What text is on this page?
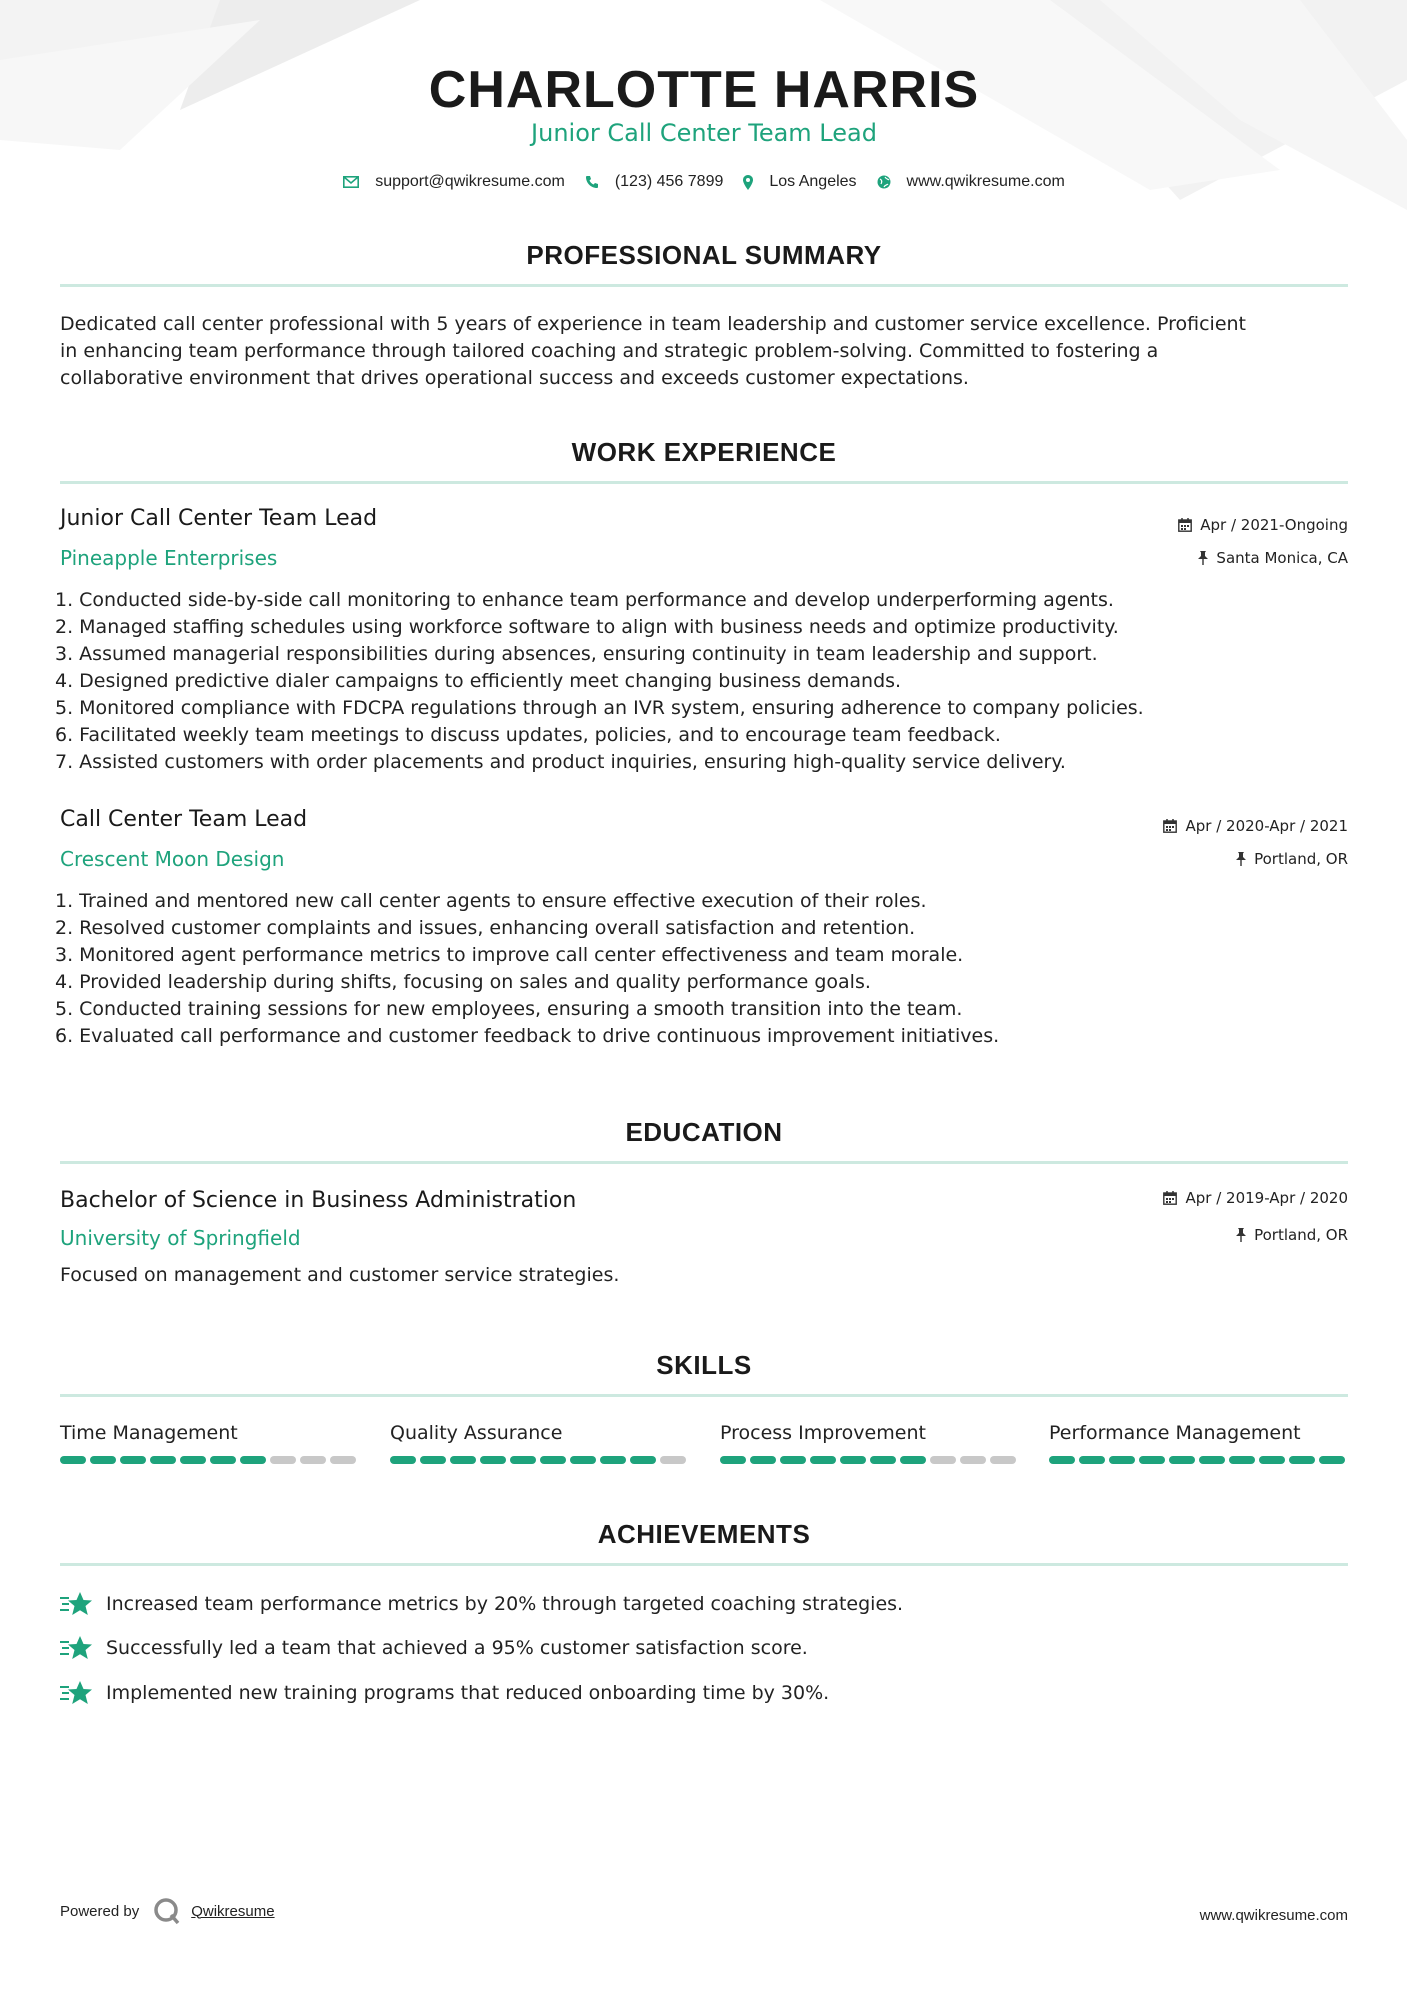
CHARLOTTE HARRIS
Junior Call Center Team Lead
support@qwikresume.com	(123) 456 7899	Los Angeles	www.qwikresume.com
PROFESSIONAL SUMMARY
Dedicated call center professional with 5 years of experience in team leadership and customer service excellence. Proficient
in enhancing team performance through tailored coaching and strategic problem-solving. Committed to fostering a
collaborative environment that drives operational success and exceeds customer expectations.
WORK EXPERIENCE
Junior Call Center Team Lead	Apr / 2021-Ongoing
Pineapple Enterprises	Santa Monica, CA
1. Conducted side-by-side call monitoring to enhance team performance and develop underperforming agents.
2. Managed staffing schedules using workforce software to align with business needs and optimize productivity.
3. Assumed managerial responsibilities during absences, ensuring continuity in team leadership and support.
4. Designed predictive dialer campaigns to efficiently meet changing business demands.
5. Monitored compliance with FDCPA regulations through an IVR system, ensuring adherence to company policies.
6. Facilitated weekly team meetings to discuss updates, policies, and to encourage team feedback.
7. Assisted customers with order placements and product inquiries, ensuring high-quality service delivery.
Call Center Team Lead	Apr / 2020-Apr / 2021
Crescent Moon Design	Portland, OR
1. Trained and mentored new call center agents to ensure effective execution of their roles.
2. Resolved customer complaints and issues, enhancing overall satisfaction and retention.
3. Monitored agent performance metrics to improve call center effectiveness and team morale.
4. Provided leadership during shifts, focusing on sales and quality performance goals.
5. Conducted training sessions for new employees, ensuring a smooth transition into the team.
6. Evaluated call performance and customer feedback to drive continuous improvement initiatives.
EDUCATION
Bachelor of Science in Business Administration	Apr / 2019-Apr / 2020
University of Springfield	Portland, OR
Focused on management and customer service strategies.
SKILLS
Time Management	Quality Assurance	Process Improvement	Performance Management
ACHIEVEMENTS
Increased team performance metrics by 20% through targeted coaching strategies.
Successfully led a team that achieved a 95% customer satisfaction score.
Implemented new training programs that reduced onboarding time by 30%.
Powered by	Qwikresume	www.qwikresume.com
